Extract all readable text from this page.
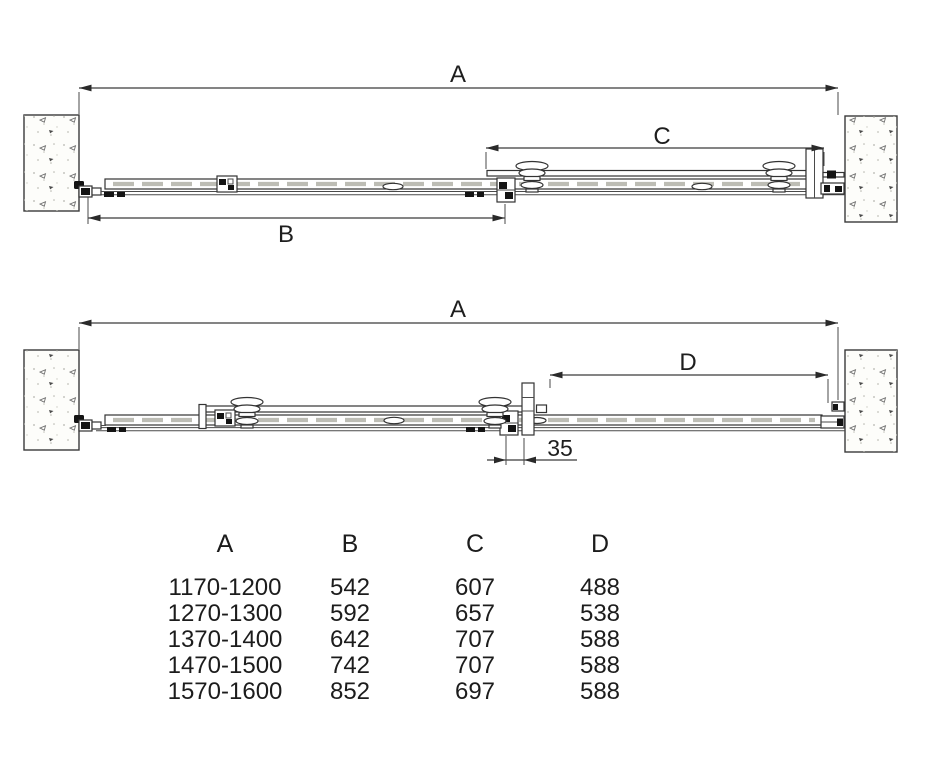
A
C
B
A
D
35
A	B	C	D
1170-1200	542	607	488
1270-1300	592	657	538
1370-1400	642	707	588
1470-1500	742	707	588
1570-1600	852	697	588
